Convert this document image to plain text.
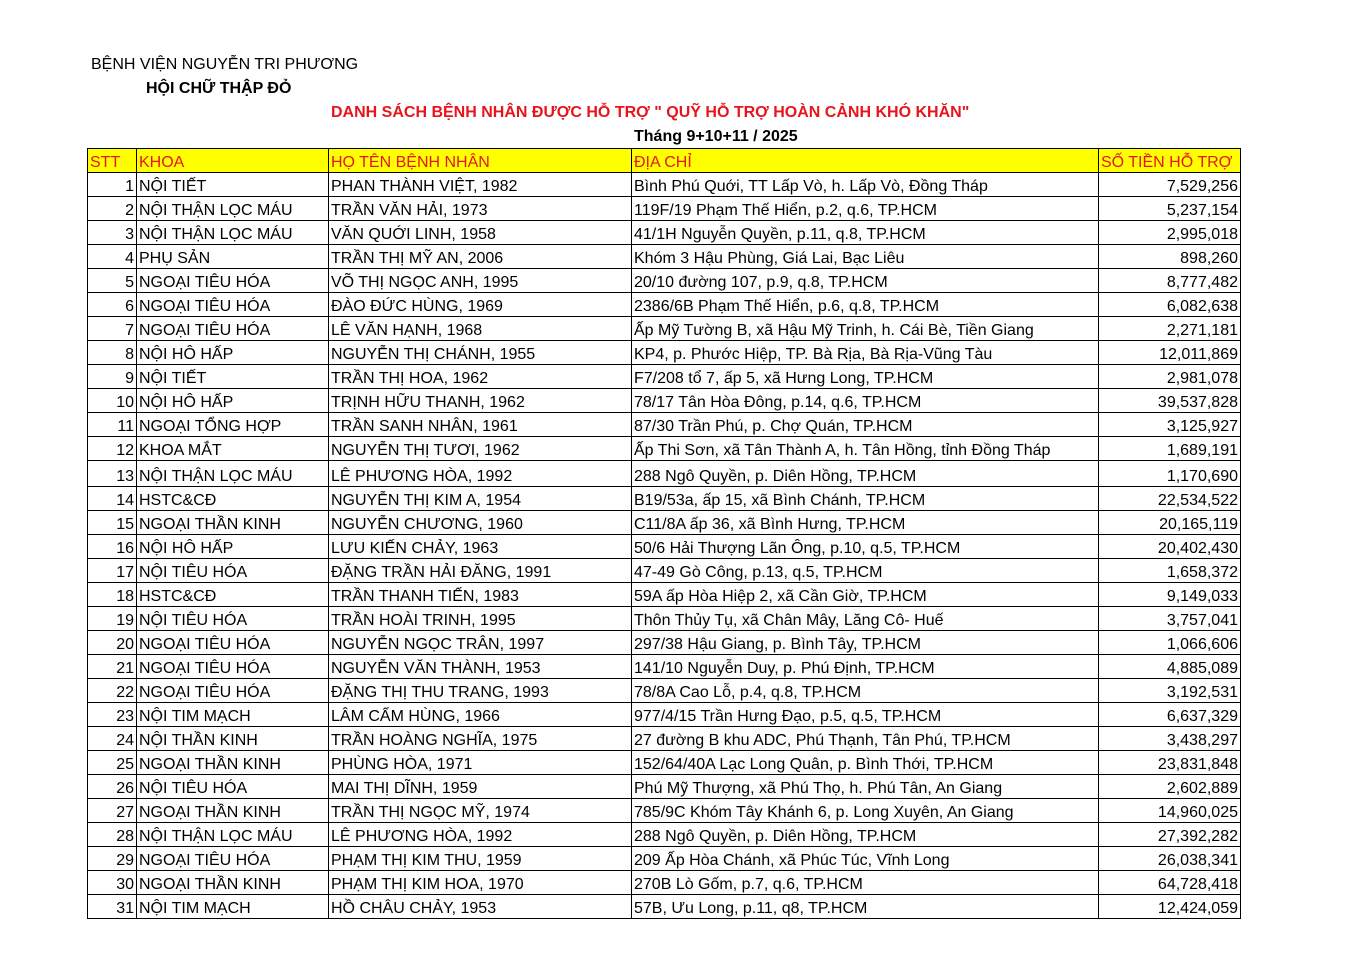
BỆNH VIỆN NGUYỄN TRI PHƯƠNG
HỘI CHỮ THẬP ĐỎ
DANH SÁCH BỆNH NHÂN ĐƯỢC HỖ TRỢ " QUỸ HỖ TRỢ HOÀN CẢNH KHÓ KHĂN"
Tháng 9+10+11 / 2025
STT	KHOA	HỌ TÊN BỆNH NHÂN	ĐỊA CHỈ	SỐ TIỀN HỖ TRỢ
1	NỘI TIẾT	PHAN THÀNH VIỆT, 1982	Bình Phú Quới, TT Lấp Vò, h. Lấp Vò, Đồng Tháp	7,529,256
2	NỘI THẬN LỌC MÁU	TRẦN VĂN HẢI, 1973	119F/19 Phạm Thế Hiển, p.2, q.6, TP.HCM	5,237,154
3	NỘI THẬN LỌC MÁU	VĂN QUỚI LINH, 1958	41/1H Nguyễn Quyền, p.11, q.8, TP.HCM	2,995,018
4	PHỤ SẢN	TRẦN THỊ MỸ AN, 2006	Khóm 3 Hậu Phùng, Giá Lai, Bạc Liêu	898,260
5	NGOẠI TIÊU HÓA	VÕ THỊ NGỌC ANH, 1995	20/10 đường 107, p.9, q.8, TP.HCM	8,777,482
6	NGOẠI TIÊU HÓA	ĐÀO ĐỨC HÙNG, 1969	2386/6B Phạm Thế Hiển, p.6, q.8, TP.HCM	6,082,638
7	NGOẠI TIÊU HÓA	LÊ VĂN HẠNH, 1968	Ấp Mỹ Tường B, xã Hậu Mỹ Trinh, h. Cái Bè, Tiền Giang	2,271,181
8	NỘI HÔ HẤP	NGUYỄN THỊ CHÁNH, 1955	KP4, p. Phước Hiệp, TP. Bà Rịa, Bà Rịa-Vũng Tàu	12,011,869
9	NỘI TIẾT	TRẦN THỊ HOA, 1962	F7/208 tổ 7, ấp 5, xã Hưng Long, TP.HCM	2,981,078
10	NỘI HÔ HẤP	TRỊNH HỮU THANH, 1962	78/17 Tân Hòa Đông, p.14, q.6, TP.HCM	39,537,828
11	NGOẠI TỔNG HỢP	TRẦN SANH NHÂN, 1961	87/30 Trần Phú, p. Chợ Quán, TP.HCM	3,125,927
12	KHOA MẮT	NGUYỄN THỊ TƯƠI, 1962	Ấp Thi Sơn, xã Tân Thành A, h. Tân Hồng, tỉnh Đồng Tháp	1,689,191
13	NỘI THẬN LỌC MÁU	LÊ PHƯƠNG HÒA, 1992	288 Ngô Quyền, p. Diên Hồng, TP.HCM	1,170,690
14	HSTC&CĐ	NGUYỄN THỊ KIM A, 1954	B19/53a, ấp 15, xã Bình Chánh, TP.HCM	22,534,522
15	NGOẠI THẦN KINH	NGUYỄN CHƯƠNG, 1960	C11/8A ấp 36, xã Bình Hưng, TP.HCM	20,165,119
16	NỘI HÔ HẤP	LƯU KIẾN CHẢY, 1963	50/6 Hải Thượng Lãn Ông, p.10, q.5, TP.HCM	20,402,430
17	NỘI TIÊU HÓA	ĐẶNG TRẦN HẢI ĐĂNG, 1991	47-49 Gò Công, p.13, q.5, TP.HCM	1,658,372
18	HSTC&CĐ	TRẦN THANH TIẾN, 1983	59A ấp Hòa Hiệp 2, xã Cần Giờ, TP.HCM	9,149,033
19	NỘI TIÊU HÓA	TRẦN HOÀI TRINH, 1995	Thôn Thủy Tụ, xã Chân Mây, Lăng Cô- Huế	3,757,041
20	NGOẠI TIÊU HÓA	NGUYỄN NGỌC TRÂN, 1997	297/38 Hậu Giang, p. Bình Tây, TP.HCM	1,066,606
21	NGOẠI TIÊU HÓA	NGUYỄN VĂN THÀNH, 1953	141/10 Nguyễn Duy, p. Phú Định, TP.HCM	4,885,089
22	NGOẠI TIÊU HÓA	ĐẶNG THỊ THU TRANG, 1993	78/8A Cao Lỗ, p.4, q.8, TP.HCM	3,192,531
23	NỘI TIM MẠCH	LÂM CẨM HÙNG, 1966	977/4/15 Trần Hưng Đạo, p.5, q.5, TP.HCM	6,637,329
24	NỘI THẦN KINH	TRẦN HOÀNG NGHĨA, 1975	27 đường B khu ADC, Phú Thạnh, Tân Phú, TP.HCM	3,438,297
25	NGOẠI THẦN KINH	PHÙNG HÒA, 1971	152/64/40A Lạc Long Quân, p. Bình Thới, TP.HCM	23,831,848
26	NỘI TIÊU HÓA	MAI THỊ DĨNH, 1959	Phú Mỹ Thượng, xã Phú Thọ, h. Phú Tân, An Giang	2,602,889
27	NGOẠI THẦN KINH	TRẦN THỊ NGỌC MỸ, 1974	785/9C Khóm Tây Khánh 6, p. Long Xuyên, An Giang	14,960,025
28	NỘI THẬN LỌC MÁU	LÊ PHƯƠNG HÒA, 1992	288 Ngô Quyền, p. Diên Hồng, TP.HCM	27,392,282
29	NGOẠI TIÊU HÓA	PHẠM THỊ KIM THU, 1959	209 Ấp Hòa Chánh, xã Phúc Túc, Vĩnh Long	26,038,341
30	NGOẠI THẦN KINH	PHẠM THỊ KIM HOA, 1970	270B Lò Gốm, p.7, q.6, TP.HCM	64,728,418
31	NỘI TIM MẠCH	HỒ CHÂU CHẢY, 1953	57B, Ưu Long, p.11, q8, TP.HCM	12,424,059
